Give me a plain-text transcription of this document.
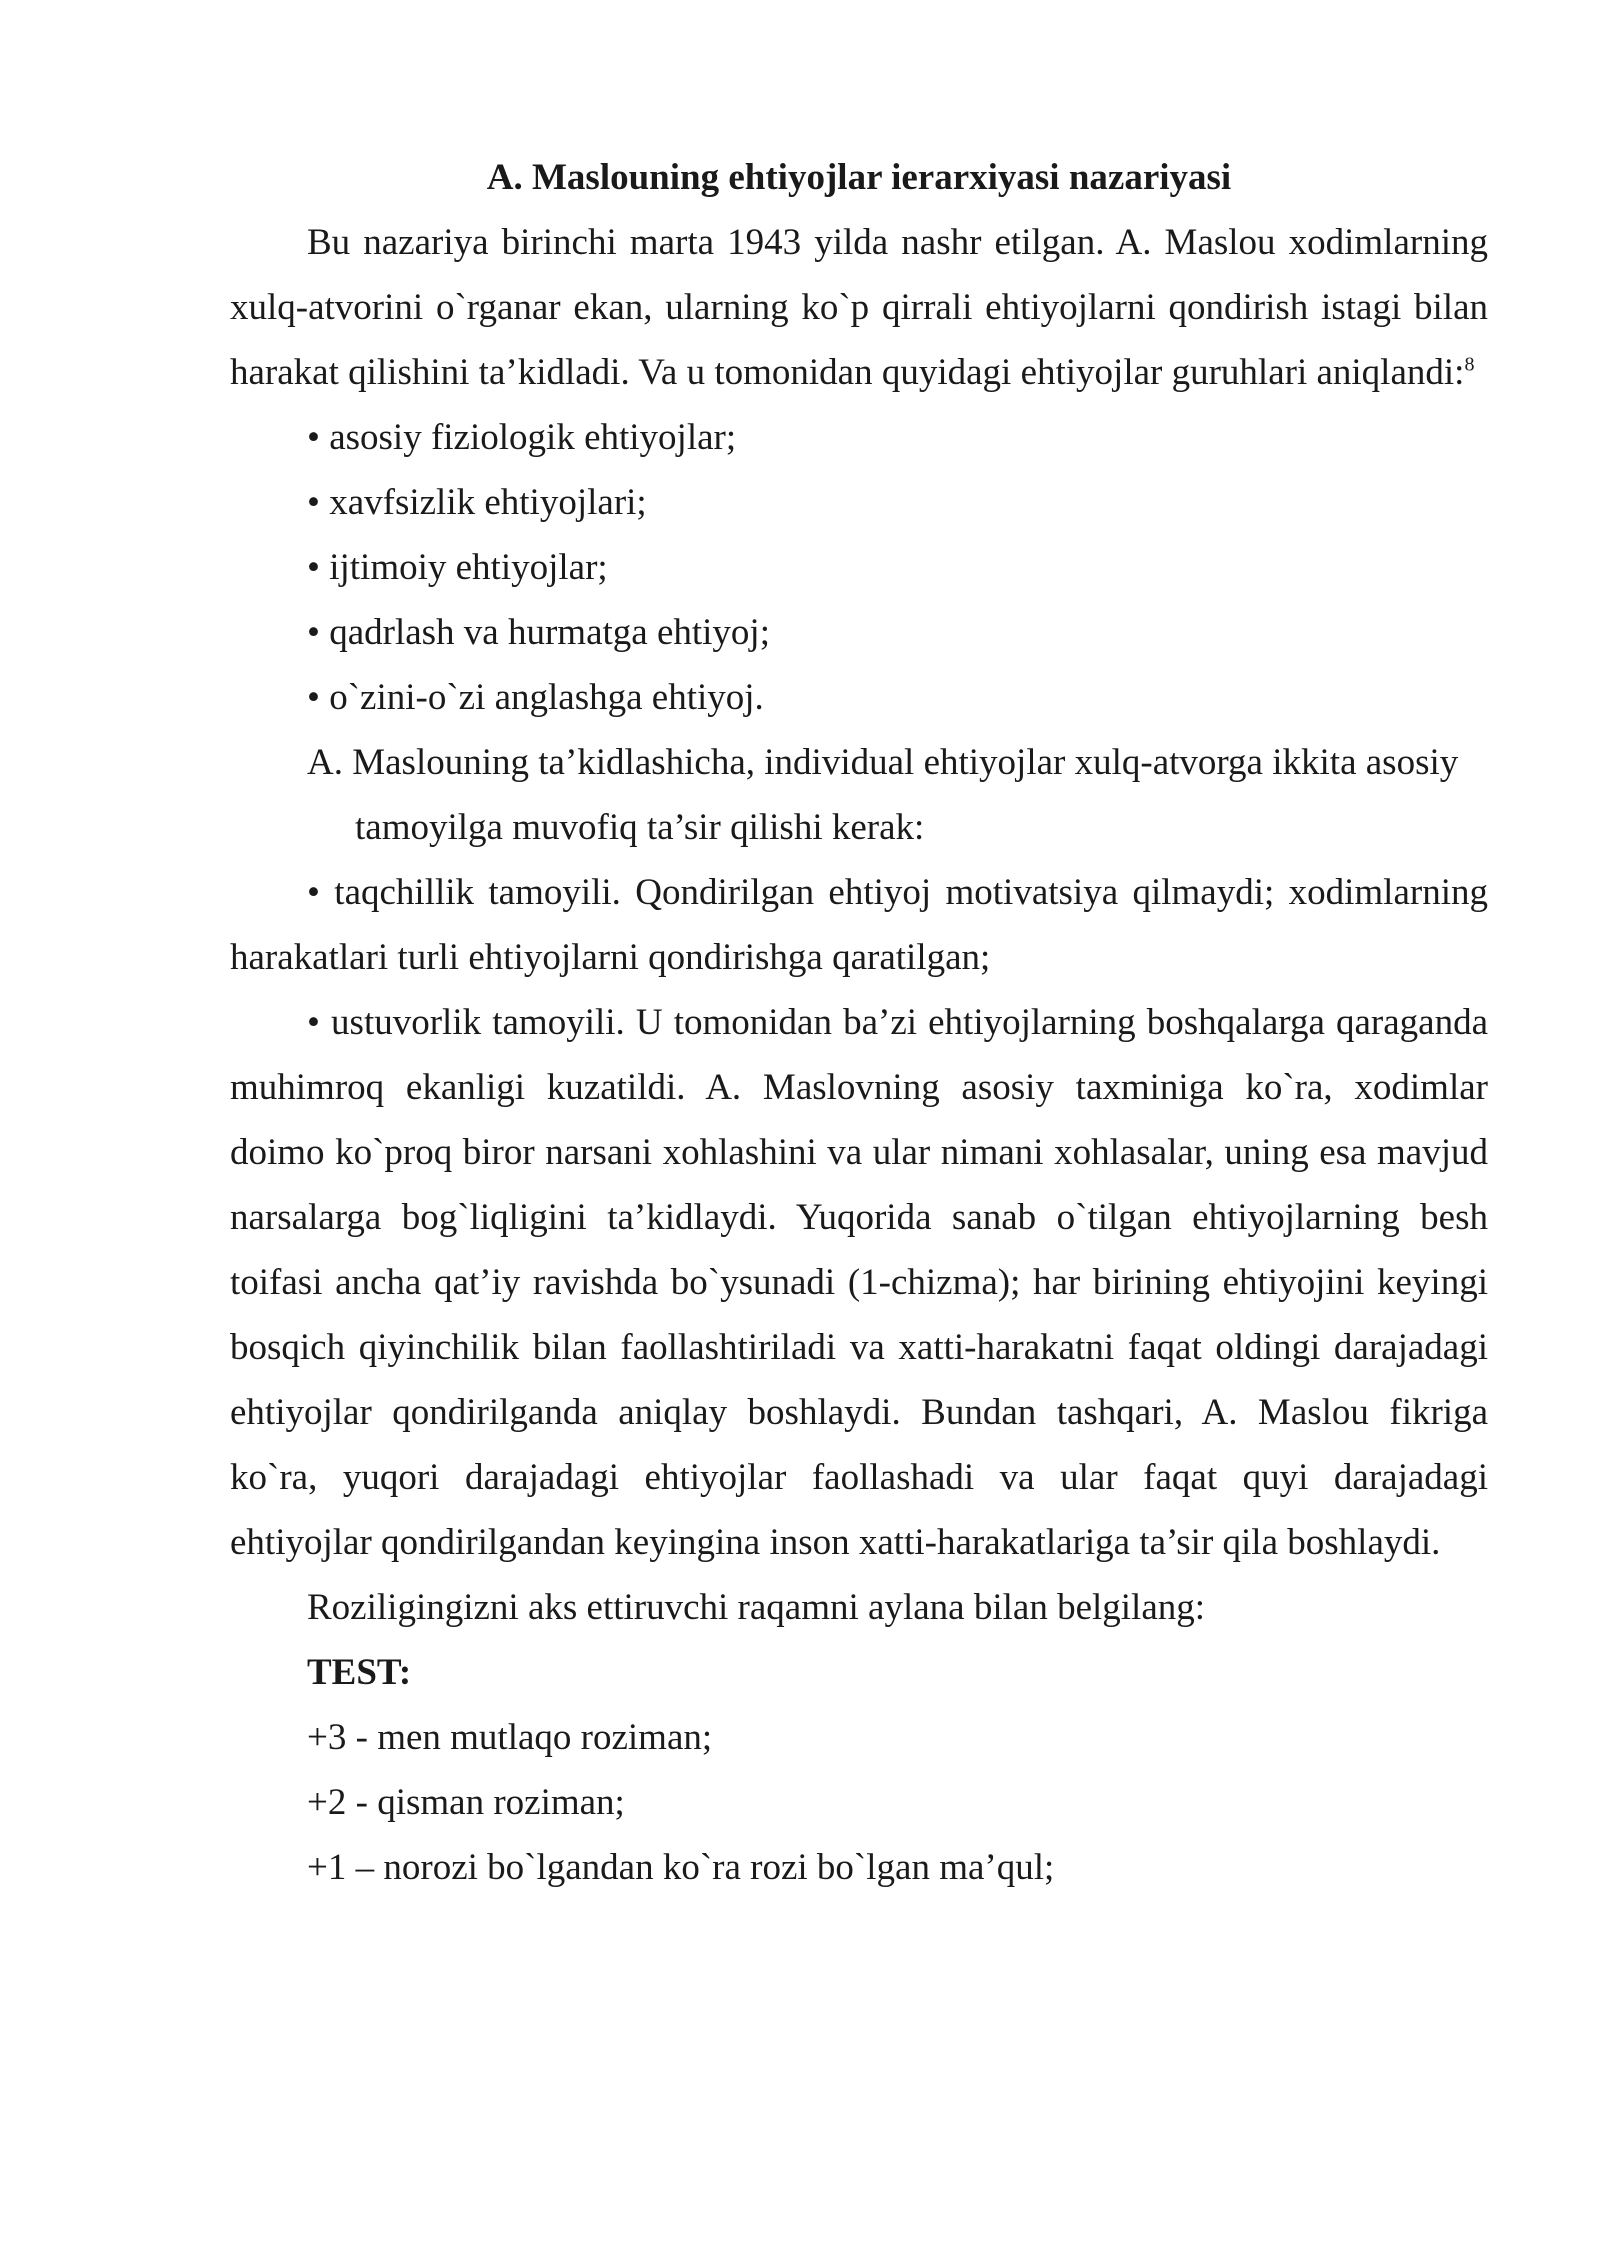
A. Maslouning ehtiyojlar ierarxiyasi nazariyasi

Bu nazariya birinchi marta 1943 yilda nashr etilgan. A. Maslou xodimlarning xulq-atvorini o`rganar ekan, ularning ko`p qirrali ehtiyojlarni qondirish istagi bilan harakat qilishini ta’kidladi. Va u tomonidan quyidagi ehtiyojlar guruhlari aniqlandi:$^8$

• asosiy fiziologik ehtiyojlar;

• xavfsizlik ehtiyojlari;

• ijtimoiy ehtiyojlar;

• qadrlash va hurmatga ehtiyoj;

• o`zini-o`zi anglashga ehtiyoj.

A. Maslouning ta’kidlashicha, individual ehtiyojlar xulq-atvorga ikkita asosiy

tamoyilga muvofiq ta’sir qilishi kerak:

• taqchillik tamoyili. Qondirilgan ehtiyoj motivatsiya qilmaydi; xodimlarning harakatlari turli ehtiyojlarni qondirishga qaratilgan;

• ustuvorlik tamoyili. U tomonidan ba’zi ehtiyojlarning boshqalarga qaraganda muhimroq ekanligi kuzatildi. A. Maslovning asosiy taxminiga ko`ra, xodimlar doimo ko`proq biror narsani xohlashini va ular nimani xohlasalar, uning esa mavjud narsalarga bog`liqligini ta’kidlaydi. Yuqorida sanab o`tilgan ehtiyojlarning besh toifasi ancha qat’iy ravishda bo`ysunadi (1-chizma); har birining ehtiyojini keyingi bosqich qiyinchilik bilan faollashtiriladi va xatti-harakatni faqat oldingi darajadagi ehtiyojlar qondirilganda aniqlay boshlaydi. Bundan tashqari, A. Maslou fikriga ko`ra, yuqori darajadagi ehtiyojlar faollashadi va ular faqat quyi darajadagi ehtiyojlar qondirilgandan keyingina inson xatti-harakatlariga ta’sir qila boshlaydi.

Roziligingizni aks ettiruvchi raqamni aylana bilan belgilang:

TEST:

+3 - men mutlaqo roziman;

+2 - qisman roziman;

+1 – norozi bo`lgandan ko`ra rozi bo`lgan ma’qul;
